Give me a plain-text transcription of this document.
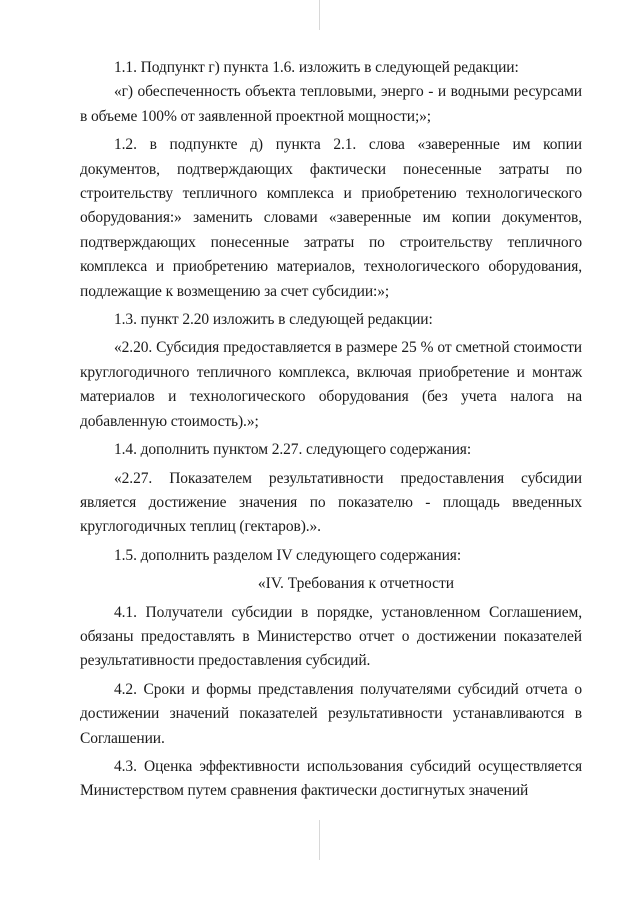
1.1. Подпункт г) пункта 1.6. изложить в следующей редакции:

«г) обеспеченность объекта тепловыми, энерго - и водными ресурсами в объеме 100% от заявленной проектной мощности;»;

1.2. в подпункте д) пункта 2.1. слова «заверенные им копии документов, подтверждающих фактически понесенные затраты по строительству тепличного комплекса и приобретению технологического оборудования:» заменить словами «заверенные им копии документов, подтверждающих понесенные затраты по строительству тепличного комплекса и приобретению материалов, технологического оборудования, подлежащие к возмещению за счет субсидии:»;

1.3. пункт 2.20 изложить в следующей редакции:

«2.20. Субсидия предоставляется в размере 25 % от сметной стоимости круглогодичного тепличного комплекса, включая приобретение и монтаж материалов и технологического оборудования (без учета налога на добавленную стоимость).»;

1.4. дополнить пунктом 2.27. следующего содержания:

«2.27. Показателем результативности предоставления субсидии является достижение значения по показателю - площадь введенных круглогодичных теплиц (гектаров).».

1.5. дополнить разделом IV следующего содержания:

«IV. Требования к отчетности

4.1. Получатели субсидии в порядке, установленном Соглашением, обязаны предоставлять в Министерство отчет о достижении показателей результативности предоставления субсидий.

4.2. Сроки и формы представления получателями субсидий отчета о достижении значений показателей результативности устанавливаются в Соглашении.

4.3. Оценка эффективности использования субсидий осуществляется Министерством путем сравнения фактически достигнутых значений
